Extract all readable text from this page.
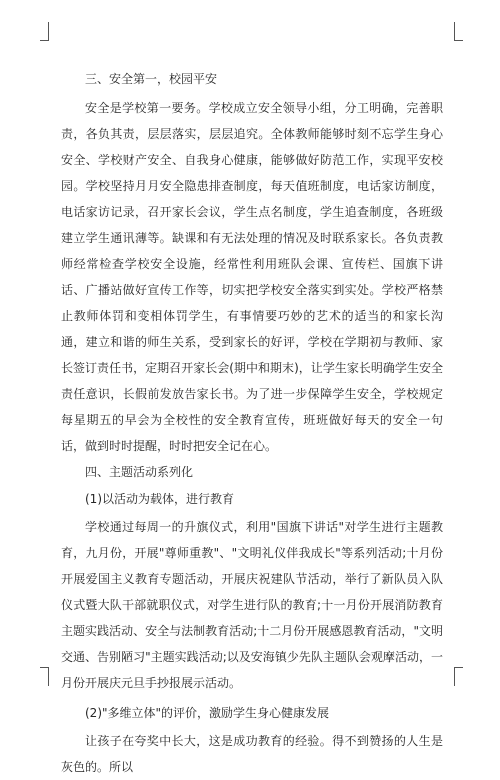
三、安全第一，校园平安

安全是学校第一要务。学校成立安全领导小组，分工明确，完善职责，各负其责，层层落实，层层追究。全体教师能够时刻不忘学生身心安全、学校财产安全、自我身心健康，能够做好防范工作，实现平安校园。学校坚持月月安全隐患排查制度，每天值班制度，电话家访制度，电话家访记录，召开家长会议，学生点名制度，学生追查制度，各班级建立学生通讯薄等。缺课和有无法处理的情况及时联系家长。各负责教师经常检查学校安全设施，经常性利用班队会课、宣传栏、国旗下讲话、广播站做好宣传工作等，切实把学校安全落实到实处。学校严格禁止教师体罚和变相体罚学生，有事情要巧妙的艺术的适当的和家长沟通，建立和谐的师生关系，受到家长的好评，学校在学期初与教师、家长签订责任书，定期召开家长会(期中和期末)，让学生家长明确学生安全责任意识，长假前发放告家长书。为了进一步保障学生安全，学校规定每星期五的早会为全校性的安全教育宣传，班班做好每天的安全一句话，做到时时提醒，时时把安全记在心。

四、主题活动系列化

(1)以活动为载体，进行教育

学校通过每周一的升旗仪式，利用"国旗下讲话"对学生进行主题教育，九月份，开展"尊师重教"、"文明礼仪伴我成长"等系列活动;十月份开展爱国主义教育专题活动，开展庆祝建队节活动，举行了新队员入队仪式暨大队干部就职仪式，对学生进行队的教育;十一月份开展消防教育主题实践活动、安全与法制教育活动;十二月份开展感恩教育活动，"文明交通、告别陋习"主题实践活动;以及安海镇少先队主题队会观摩活动，一月份开展庆元旦手抄报展示活动。

(2)"多维立体"的评价，激励学生身心健康发展

让孩子在夸奖中长大，这是成功教育的经验。得不到赞扬的人生是灰色的。所以
